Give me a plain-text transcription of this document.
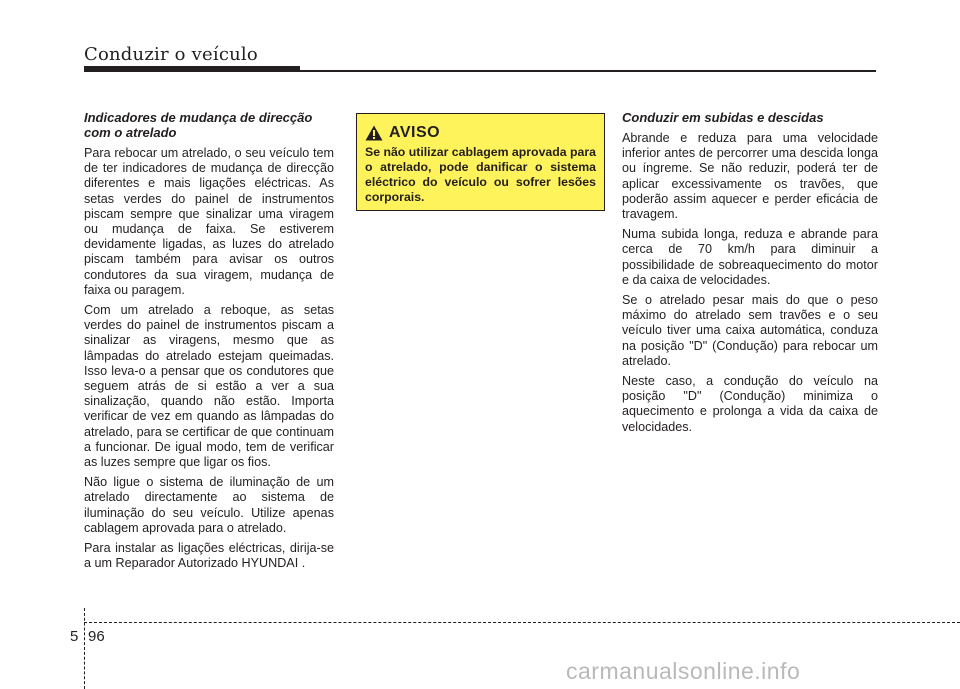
Conduzir o veículo
Indicadores de mudança de direcção com o atrelado

Para rebocar um atrelado, o seu veículo tem de ter indicadores de mudança de direcção diferentes e mais ligações eléctricas. As setas verdes do painel de instrumentos piscam sempre que sinalizar uma viragem ou mudança de faixa. Se estiverem devidamente ligadas, as luzes do atrelado piscam também para avisar os outros condutores da sua viragem, mudança de faixa ou paragem.

Com um atrelado a reboque, as setas verdes do painel de instrumentos piscam a sinalizar as viragens, mesmo que as lâmpadas do atrelado estejam queimadas. Isso leva-o a pensar que os condutores que seguem atrás de si estão a ver a sua sinalização, quando não estão. Importa verificar de vez em quando as lâmpadas do atrelado, para se certificar de que continuam a funcionar. De igual modo, tem de verificar as luzes sempre que ligar os fios.

Não ligue o sistema de iluminação de um atrelado directamente ao sistema de iluminação do seu veículo. Utilize apenas cablagem aprovada para o atrelado.

Para instalar as ligações eléctricas, dirija-se a um Reparador Autorizado HYUNDAI .

AVISO
Se não utilizar cablagem aprovada para o atrelado, pode danificar o sistema eléctrico do veículo ou sofrer lesões corporais.
Conduzir em subidas e descidas

Abrande e reduza para uma velocidade inferior antes de percorrer uma descida longa ou íngreme. Se não reduzir, poderá ter de aplicar excessivamente os travões, que poderão assim aquecer e perder eficácia de travagem.

Numa subida longa, reduza e abrande para cerca de 70 km/h para diminuir a possibilidade de sobreaquecimento do motor e da caixa de velocidades.

Se o atrelado pesar mais do que o peso máximo do atrelado sem travões e o seu veículo tiver uma caixa automática, conduza na posição "D" (Condução) para rebocar um atrelado.

Neste caso, a condução do veículo na posição "D" (Condução) minimiza o aquecimento e prolonga a vida da caixa de velocidades.

5 96
carmanualsonline.info
